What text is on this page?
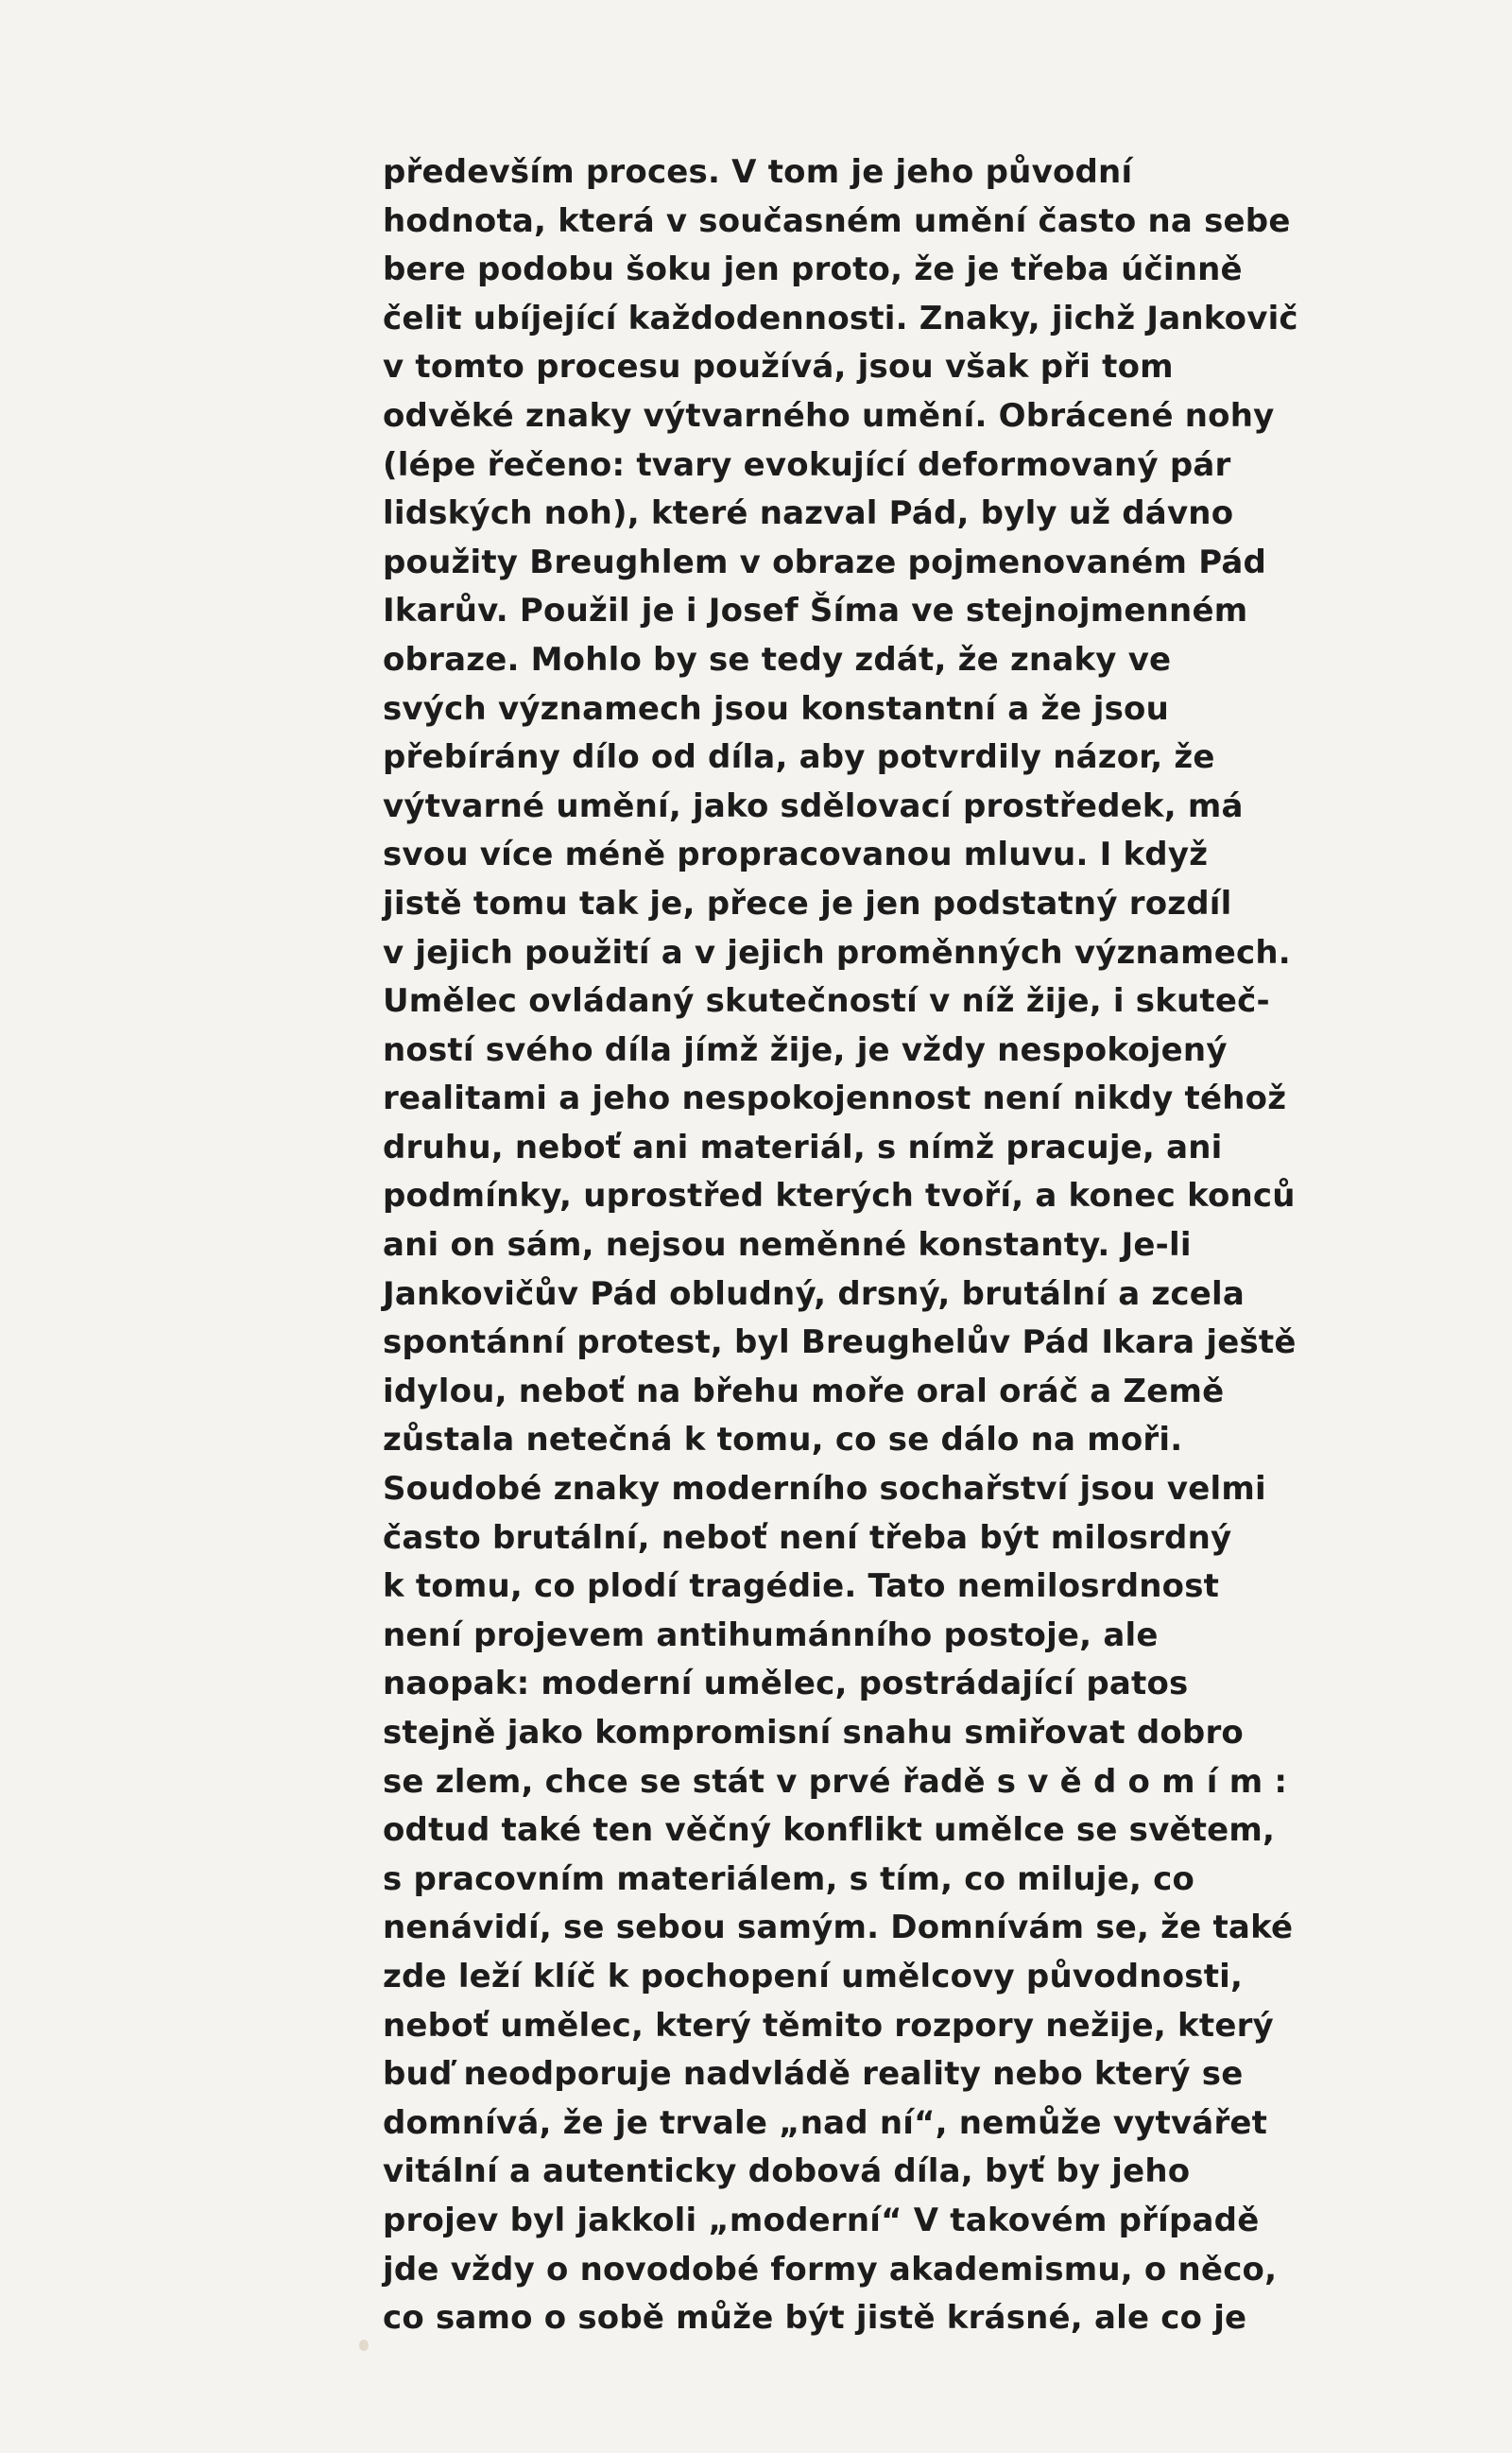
především proces. V tom je jeho původní
hodnota, která v současném umění často na sebe
bere podobu šoku jen proto, že je třeba účinně
čelit ubíjející každodennosti. Znaky, jichž Jankovič
v tomto procesu používá, jsou však při tom
odvěké znaky výtvarného umění. Obrácené nohy
(lépe řečeno: tvary evokující deformovaný pár
lidských noh), které nazval Pád, byly už dávno
použity Breughlem v obraze pojmenovaném Pád
Ikarův. Použil je i Josef Šíma ve stejnojmenném
obraze. Mohlo by se tedy zdát, že znaky ve
svých významech jsou konstantní a že jsou
přebírány dílo od díla, aby potvrdily názor, že
výtvarné umění, jako sdělovací prostředek, má
svou více méně propracovanou mluvu. I když
jistě tomu tak je, přece je jen podstatný rozdíl
v jejich použití a v jejich proměnných významech.
Umělec ovládaný skutečností v níž žije, i skuteč-
ností svého díla jímž žije, je vždy nespokojený
realitami a jeho nespokojennost není nikdy téhož
druhu, neboť ani materiál, s nímž pracuje, ani
podmínky, uprostřed kterých tvoří, a konec konců
ani on sám, nejsou neměnné konstanty. Je-li
Jankovičův Pád obludný, drsný, brutální a zcela
spontánní protest, byl Breughelův Pád Ikara ještě
idylou, neboť na břehu moře oral oráč a Země
zůstala netečná k tomu, co se dálo na moři.
Soudobé znaky moderního sochařství jsou velmi
často brutální, neboť není třeba být milosrdný
k tomu, co plodí tragédie. Tato nemilosrdnost
není projevem antihumánního postoje, ale
naopak: moderní umělec, postrádající patos
stejně jako kompromisní snahu smiřovat dobro
se zlem, chce se stát v prvé řadě s v ě d o m í m :
odtud také ten věčný konflikt umělce se světem,
s pracovním materiálem, s tím, co miluje, co
nenávidí, se sebou samým. Domnívám se, že také
zde leží klíč k pochopení umělcovy původnosti,
neboť umělec, který těmito rozpory nežije, který
buď neodporuje nadvládě reality nebo který se
domnívá, že je trvale „nad ní“, nemůže vytvářet
vitální a autenticky dobová díla, byť by jeho
projev byl jakkoli „moderní“ V takovém případě
jde vždy o novodobé formy akademismu, o něco,
co samo o sobě může být jistě krásné, ale co je
